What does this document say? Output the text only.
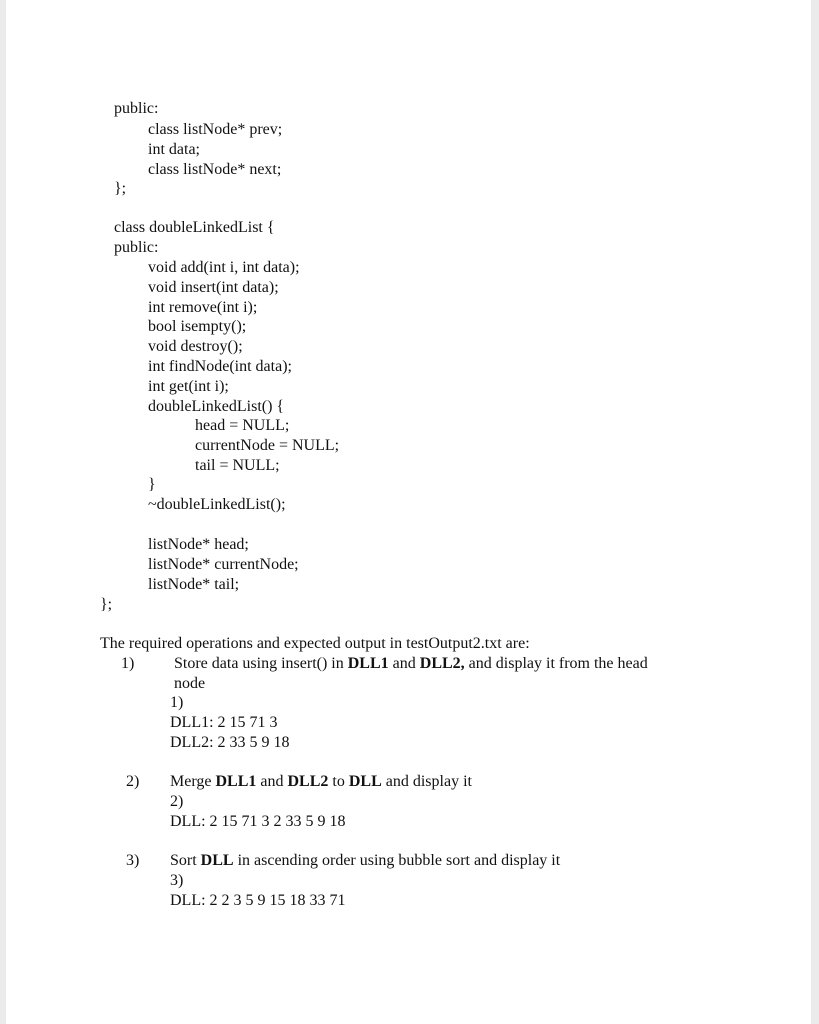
public:

class listNode* prev;

int data;

class listNode* next;

};

class doubleLinkedList {

public:

void add(int i, int data);

void insert(int data);

int remove(int i);

bool isempty();

void destroy();

int findNode(int data);

int get(int i);

doubleLinkedList() {

head = NULL;

currentNode = NULL;

tail = NULL;

}

~doubleLinkedList();

listNode* head;

listNode* currentNode;

listNode* tail;

};

The required operations and expected output in testOutput2.txt are:

1) Store data using insert() in DLL1 and DLL2, and display it from the head

node

1)

DLL1: 2 15 71 3

DLL2: 2 33 5 9 18

2) Merge DLL1 and DLL2 to DLL and display it

2)

DLL: 2 15 71 3 2 33 5 9 18

3) Sort DLL in ascending order using bubble sort and display it

3)

DLL: 2 2 3 5 9 15 18 33 71
